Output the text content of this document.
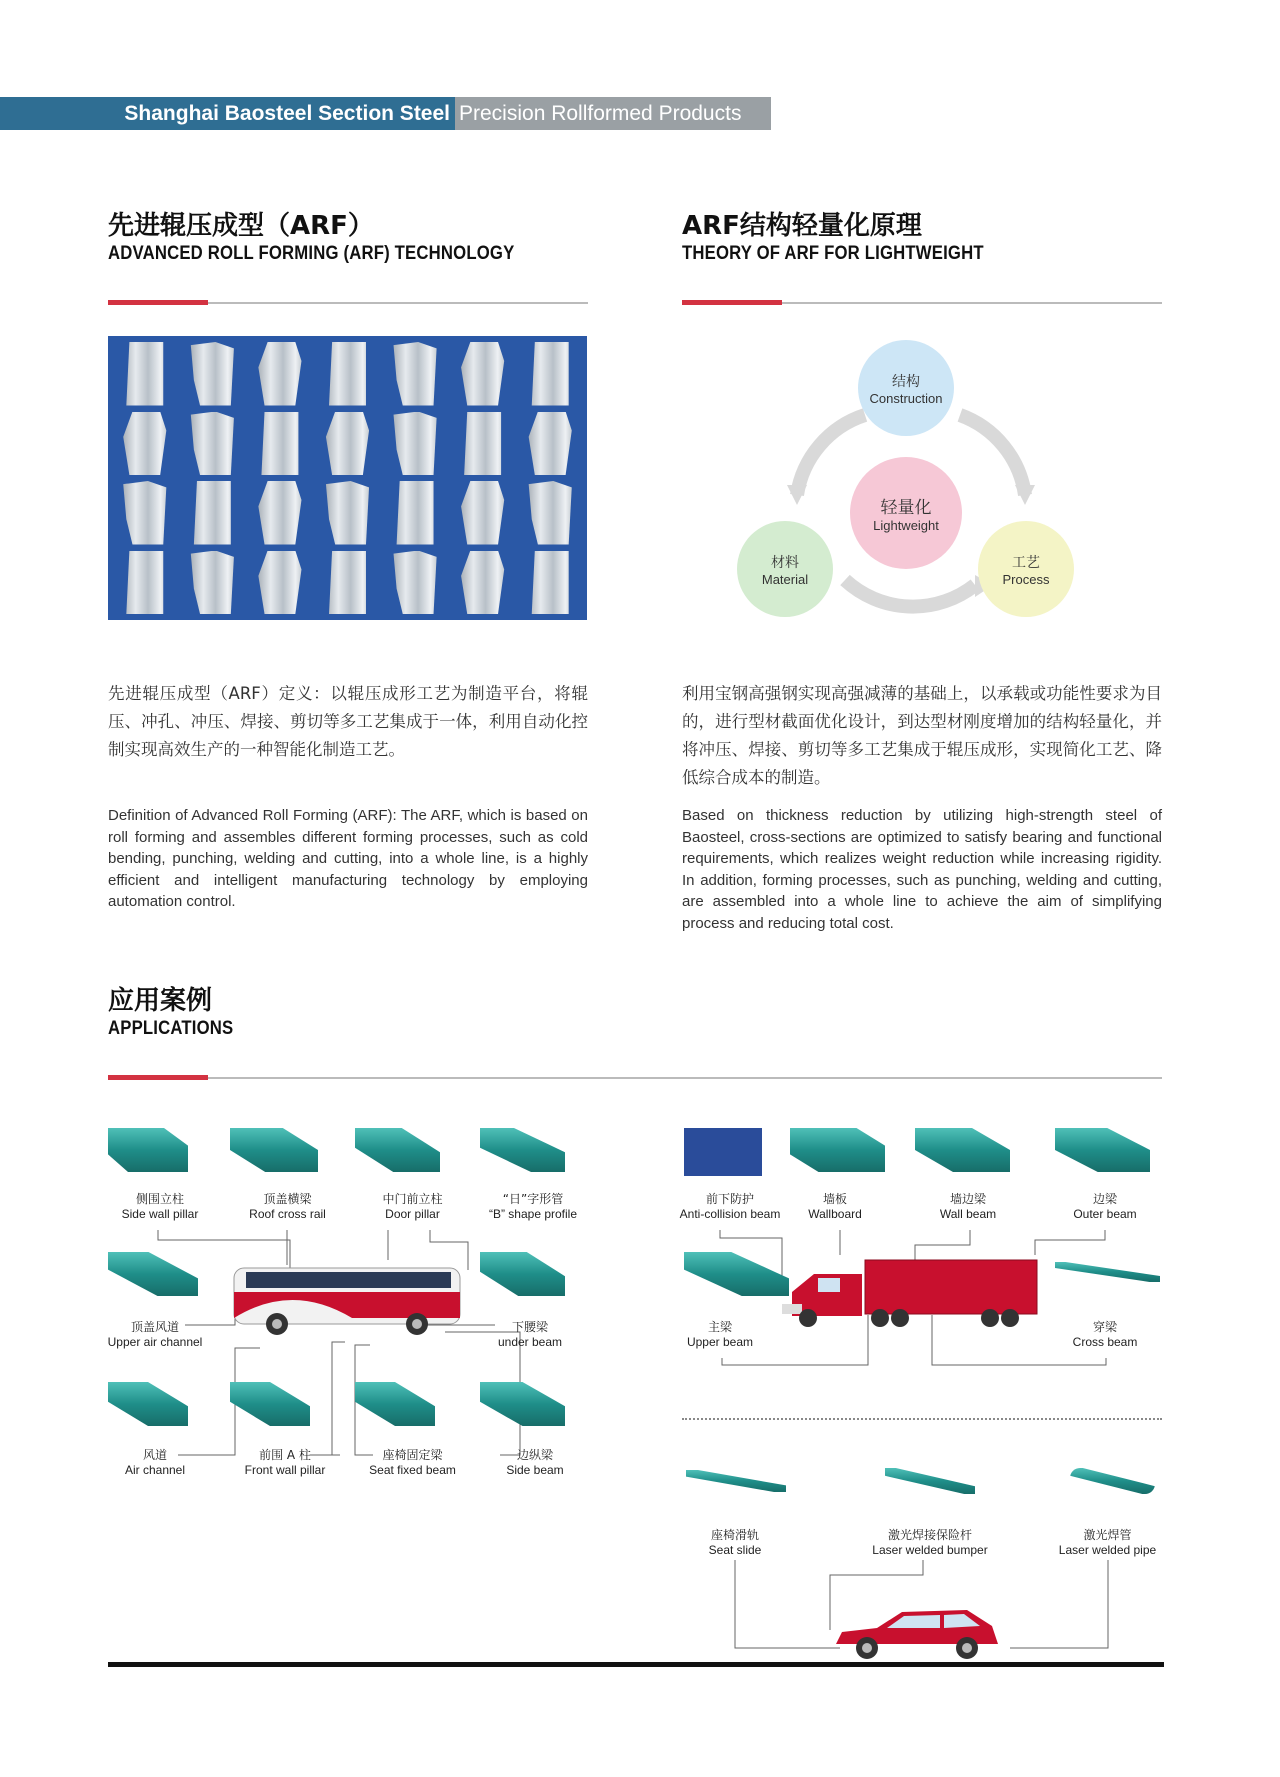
Shanghai Baosteel Section Steel Precision Rollformed Products
先进辊压成型（ARF）
ADVANCED ROLL FORMING (ARF) TECHNOLOGY
先进辊压成型（ARF）定义：以辊压成形工艺为制造平台，将辊压、冲孔、冲压、焊接、剪切等多工艺集成于一体，利用自动化控制实现高效生产的一种智能化制造工艺。
Definition of Advanced Roll Forming (ARF): The ARF, which is based on roll forming and assembles different forming processes, such as cold bending, punching, welding and cutting, into a whole line, is a highly efficient and intelligent manufacturing technology by employing automation control.
ARF结构轻量化原理
THEORY OF ARF FOR LIGHTWEIGHT
结构
Construction
轻量化
Lightweight
材料
Material
工艺
Process
利用宝钢高强钢实现高强减薄的基础上，以承载或功能性要求为目的，进行型材截面优化设计，到达型材刚度增加的结构轻量化，并将冲压、焊接、剪切等多工艺集成于辊压成形，实现简化工艺、降低综合成本的制造。
Based on thickness reduction by utilizing high-strength steel of Baosteel, cross-sections are optimized to satisfy bearing and functional requirements, which realizes weight reduction while increasing rigidity. In addition, forming processes, such as punching, welding and cutting, are assembled into a whole line to achieve the aim of simplifying process and reducing total cost.
应用案例
APPLICATIONS
侧围立柱
Side wall pillar
顶盖横梁
Roof cross rail
中门前立柱
Door pillar
“日”字形管
“B” shape profile
顶盖风道
Upper air channel
下腰梁
under beam
风道
Air channel
前围 A 柱
Front wall pillar
座椅固定梁
Seat fixed beam
边纵梁
Side beam
前下防护
Anti-collision beam
墙板
Wallboard
墙边梁
Wall beam
边梁
Outer beam
主梁
Upper beam
穿梁
Cross beam
座椅滑轨
Seat slide
激光焊接保险杆
Laser welded bumper
激光焊管
Laser welded pipe
